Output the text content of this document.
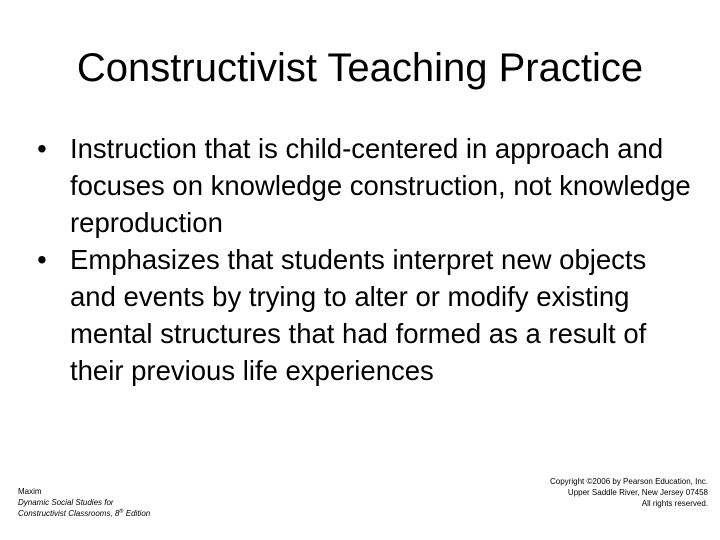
Constructivist Teaching Practice
• Instruction that is child-centered in approach and focuses on knowledge construction, not knowledge reproduction
• Emphasizes that students interpret new objects and events by trying to alter or modify existing mental structures that had formed as a result of their previous life experiences
Maxim
Dynamic Social Studies for
Constructivist Classrooms, 8th Edition
Copyright ©2006 by Pearson Education, Inc.
Upper Saddle River, New Jersey 07458
All rights reserved.
